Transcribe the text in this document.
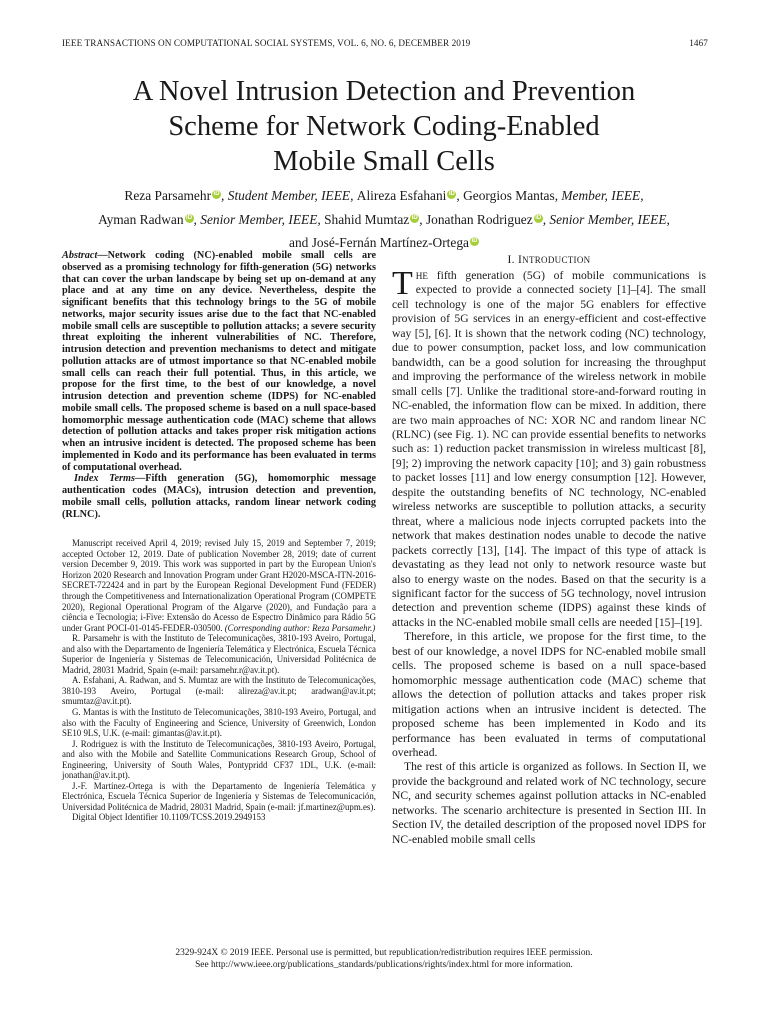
IEEE TRANSACTIONS ON COMPUTATIONAL SOCIAL SYSTEMS, VOL. 6, NO. 6, DECEMBER 2019	1467
A Novel Intrusion Detection and Prevention
Scheme for Network Coding-Enabled
Mobile Small Cells
Reza Parsamehr iD , Student Member, IEEE, Alireza Esfahani iD , Georgios Mantas, Member, IEEE,
Ayman Radwan iD , Senior Member, IEEE, Shahid Mumtaz iD , Jonathan Rodriguez iD , Senior Member, IEEE,
and José-Fernán Martínez-Ortega iD

Abstract—Network coding (NC)-enabled mobile small cells are observed as a promising technology for fifth-generation (5G) networks that can cover the urban landscape by being set up on-demand at any place and at any time on any device. Nevertheless, despite the significant benefits that this technology brings to the 5G of mobile networks, major security issues arise due to the fact that NC-enabled mobile small cells are susceptible to pollution attacks; a severe security threat exploiting the inherent vulnerabilities of NC. Therefore, intrusion detection and prevention mechanisms to detect and mitigate pollution attacks are of utmost importance so that NC-enabled mobile small cells can reach their full potential. Thus, in this article, we propose for the first time, to the best of our knowledge, a novel intrusion detection and prevention scheme (IDPS) for NC-enabled mobile small cells. The proposed scheme is based on a null space-based homomorphic message authentication code (MAC) scheme that allows detection of pollution attacks and takes proper risk mitigation actions when an intrusive incident is detected. The proposed scheme has been implemented in Kodo and its performance has been evaluated in terms of computational overhead.

Index Terms—Fifth generation (5G), homomorphic message authentication codes (MACs), intrusion detection and prevention, mobile small cells, pollution attacks, random linear network coding (RLNC).

Manuscript received April 4, 2019; revised July 15, 2019 and September 7, 2019; accepted October 12, 2019. Date of publication November 28, 2019; date of current version December 9, 2019. This work was supported in part by the European Union's Horizon 2020 Research and Innovation Program under Grant H2020-MSCA-ITN-2016-SECRET-722424 and in part by the European Regional Development Fund (FEDER) through the Competitiveness and Internationalization Operational Program (COMPETE 2020), Regional Operational Program of the Algarve (2020), and Fundação para a ciência e Tecnologia; i-Five: Extensão do Acesso de Espectro Dinâmico para Rádio 5G under Grant POCI-01-0145-FEDER-030500. (Corresponding author: Reza Parsamehr.)

R. Parsamehr is with the Instituto de Telecomunicações, 3810-193 Aveiro, Portugal, and also with the Departamento de Ingeniería Telemática y Electrónica, Escuela Técnica Superior de Ingeniería y Sistemas de Telecomunicación, Universidad Politécnica de Madrid, 28031 Madrid, Spain (e-mail: parsamehr.r@av.it.pt).

A. Esfahani, A. Radwan, and S. Mumtaz are with the Instituto de Telecomunicações, 3810-193 Aveiro, Portugal (e-mail: alireza@av.it.pt; aradwan@av.it.pt; smumtaz@av.it.pt).

G. Mantas is with the Instituto de Telecomunicações, 3810-193 Aveiro, Portugal, and also with the Faculty of Engineering and Science, University of Greenwich, London SE10 9LS, U.K. (e-mail: gimantas@av.it.pt).

J. Rodriguez is with the Instituto de Telecomunicações, 3810-193 Aveiro, Portugal, and also with the Mobile and Satellite Communications Research Group, School of Engineering, University of South Wales, Pontypridd CF37 1DL, U.K. (e-mail: jonathan@av.it.pt).

J.-F. Martínez-Ortega is with the Departamento de Ingeniería Telemática y Electrónica, Escuela Técnica Superior de Ingeniería y Sistemas de Telecomunicación, Universidad Politécnica de Madrid, 28031 Madrid, Spain (e-mail: jf.martinez@upm.es).

Digital Object Identifier 10.1109/TCSS.2019.2949153

I. INTRODUCTION

THE fifth generation (5G) of mobile communications is expected to provide a connected society [1]–[4]. The small cell technology is one of the major 5G enablers for effective provision of 5G services in an energy-efficient and cost-effective way [5], [6]. It is shown that the network coding (NC) technology, due to power consumption, packet loss, and low communication bandwidth, can be a good solution for increasing the throughput and improving the performance of the wireless network in mobile small cells [7]. Unlike the traditional store-and-forward routing in NC-enabled, the information flow can be mixed. In addition, there are two main approaches of NC: XOR NC and random linear NC (RLNC) (see Fig. 1). NC can provide essential benefits to networks such as: 1) reduction packet transmission in wireless multicast [8], [9]; 2) improving the network capacity [10]; and 3) gain robustness to packet losses [11] and low energy consumption [12]. However, despite the outstanding benefits of NC technology, NC-enabled wireless networks are susceptible to pollution attacks, a security threat, where a malicious node injects corrupted packets into the network that makes destination nodes unable to decode the native packets correctly [13], [14]. The impact of this type of attack is devastating as they lead not only to network resource waste but also to energy waste on the nodes. Based on that the security is a significant factor for the success of 5G technology, novel intrusion detection and prevention scheme (IDPS) against these kinds of attacks in the NC-enabled mobile small cells are needed [15]–[19].

Therefore, in this article, we propose for the first time, to the best of our knowledge, a novel IDPS for NC-enabled mobile small cells. The proposed scheme is based on a null space-based homomorphic message authentication code (MAC) scheme that allows the detection of pollution attacks and takes proper risk mitigation actions when an intrusive incident is detected. The proposed scheme has been implemented in Kodo and its performance has been evaluated in terms of computational overhead.

The rest of this article is organized as follows. In Section II, we provide the background and related work of NC technology, secure NC, and security schemes against pollution attacks in NC-enabled networks. The scenario architecture is presented in Section III. In Section IV, the detailed description of the proposed novel IDPS for NC-enabled mobile small cells

2329-924X © 2019 IEEE. Personal use is permitted, but republication/redistribution requires IEEE permission.
See http://www.ieee.org/publications_standards/publications/rights/index.html for more information.
